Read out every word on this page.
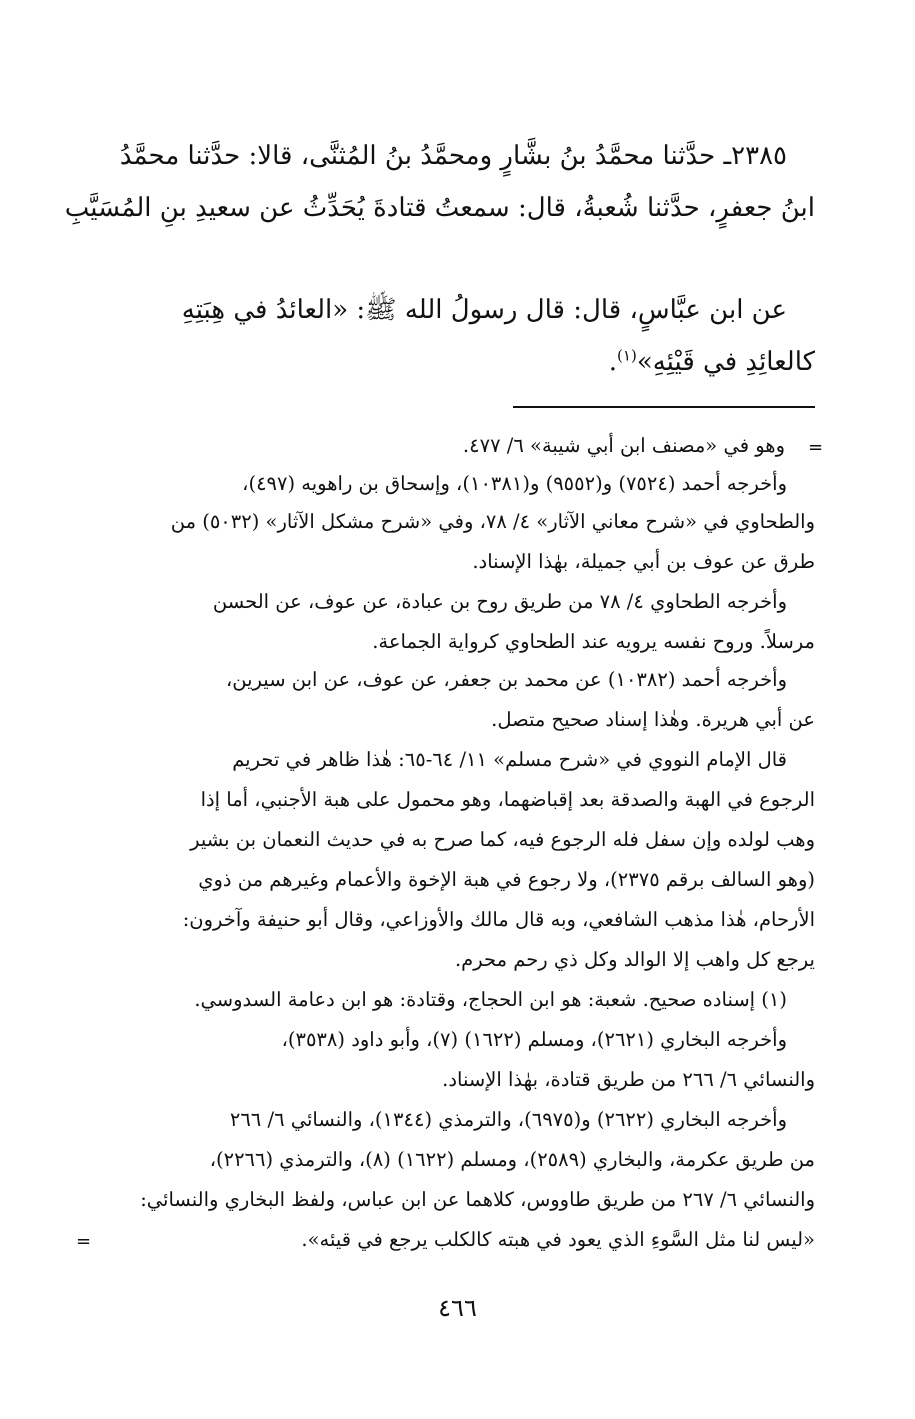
٢٣٨٥ـ حدَّثنا محمَّدُ بنُ بشَّارٍ ومحمَّدُ بنُ المُثنَّى، قالا: حدَّثنا محمَّدُ

ابنُ جعفرٍ، حدَّثنا شُعبةُ، قال: سمعتُ قتادةَ يُحَدِّثُ عن سعيدِ بنِ المُسَيَّبِ

عن ابن عبَّاسٍ، قال: قال رسولُ الله ﷺ: «العائدُ في هِبَتِهِ

كالعائِدِ في قَيْئِهِ»$^{(١)}$.

=

وهو في «مصنف ابن أبي شيبة» ٦/ ٤٧٧.

وأخرجه أحمد (٧٥٢٤) و(٩٥٥٢) و(١٠٣٨١)، وإسحاق بن راهويه (٤٩٧)،

والطحاوي في «شرح معاني الآثار» ٤/ ٧٨، وفي «شرح مشكل الآثار» (٥٠٣٢) من

طرق عن عوف بن أبي جميلة، بهٰذا الإسناد.

وأخرجه الطحاوي ٤/ ٧٨ من طريق روح بن عبادة، عن عوف، عن الحسن

مرسلاً. وروح نفسه يرويه عند الطحاوي كرواية الجماعة.

وأخرجه أحمد (١٠٣٨٢) عن محمد بن جعفر، عن عوف، عن ابن سيرين،

عن أبي هريرة. وهٰذا إسناد صحيح متصل.

قال الإمام النووي في «شرح مسلم» ١١/ ٦٤-٦٥: هٰذا ظاهر في تحريم

الرجوع في الهبة والصدقة بعد إقباضهما، وهو محمول على هبة الأجنبي، أما إذا

وهب لولده وإن سفل فله الرجوع فيه، كما صرح به في حديث النعمان بن بشير

(وهو السالف برقم ٢٣٧٥)، ولا رجوع في هبة الإخوة والأعمام وغيرهم من ذوي

الأرحام، هٰذا مذهب الشافعي، وبه قال مالك والأوزاعي، وقال أبو حنيفة وآخرون:

يرجع كل واهب إلا الوالد وكل ذي رحم محرم.

(١) إسناده صحيح. شعبة: هو ابن الحجاج، وقتادة: هو ابن دعامة السدوسي.

وأخرجه البخاري (٢٦٢١)، ومسلم (١٦٢٢) (٧)، وأبو داود (٣٥٣٨)،

والنسائي ٦/ ٢٦٦ من طريق قتادة، بهٰذا الإسناد.

وأخرجه البخاري (٢٦٢٢) و(٦٩٧٥)، والترمذي (١٣٤٤)، والنسائي ٦/ ٢٦٦

من طريق عكرمة، والبخاري (٢٥٨٩)، ومسلم (١٦٢٢) (٨)، والترمذي (٢٢٦٦)،

والنسائي ٦/ ٢٦٧ من طريق طاووس، كلاهما عن ابن عباس، ولفظ البخاري والنسائي:

«ليس لنا مثل السَّوءِ الذي يعود في هبته كالكلب يرجع في قيئه».

=
٤٦٦
